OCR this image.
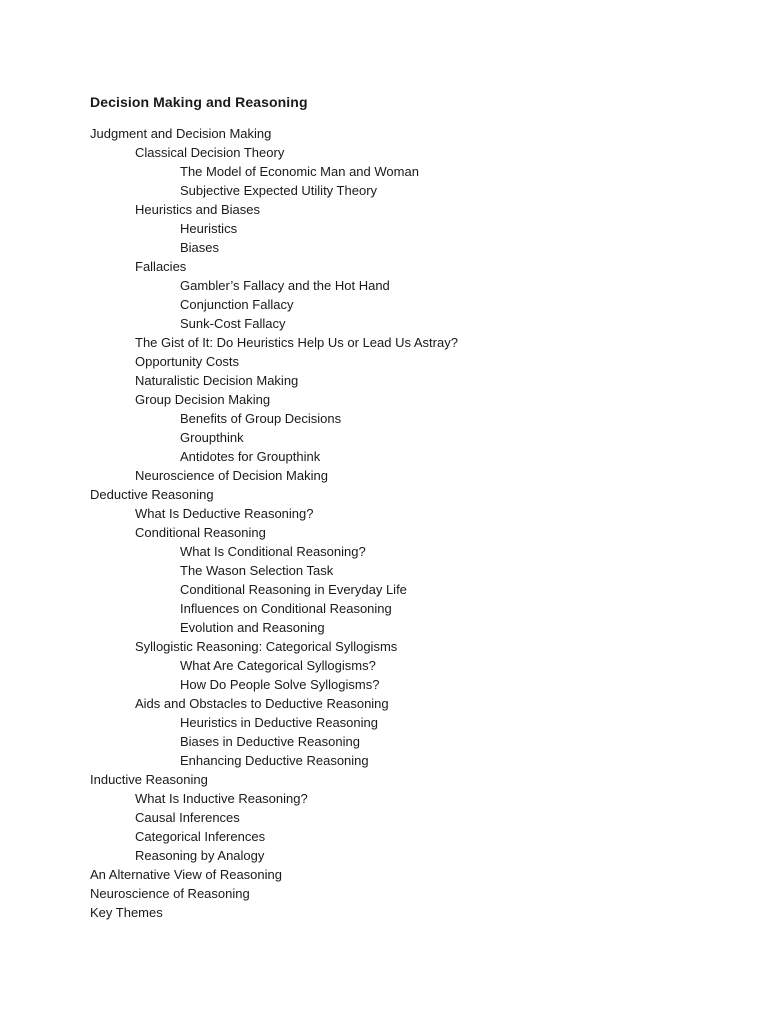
Decision Making and Reasoning
Judgment and Decision Making
Classical Decision Theory
The Model of Economic Man and Woman
Subjective Expected Utility Theory
Heuristics and Biases
Heuristics
Biases
Fallacies
Gambler’s Fallacy and the Hot Hand
Conjunction Fallacy
Sunk-Cost Fallacy
The Gist of It: Do Heuristics Help Us or Lead Us Astray?
Opportunity Costs
Naturalistic Decision Making
Group Decision Making
Benefits of Group Decisions
Groupthink
Antidotes for Groupthink
Neuroscience of Decision Making
Deductive Reasoning
What Is Deductive Reasoning?
Conditional Reasoning
What Is Conditional Reasoning?
The Wason Selection Task
Conditional Reasoning in Everyday Life
Influences on Conditional Reasoning
Evolution and Reasoning
Syllogistic Reasoning: Categorical Syllogisms
What Are Categorical Syllogisms?
How Do People Solve Syllogisms?
Aids and Obstacles to Deductive Reasoning
Heuristics in Deductive Reasoning
Biases in Deductive Reasoning
Enhancing Deductive Reasoning
Inductive Reasoning
What Is Inductive Reasoning?
Causal Inferences
Categorical Inferences
Reasoning by Analogy
An Alternative View of Reasoning
Neuroscience of Reasoning
Key Themes
